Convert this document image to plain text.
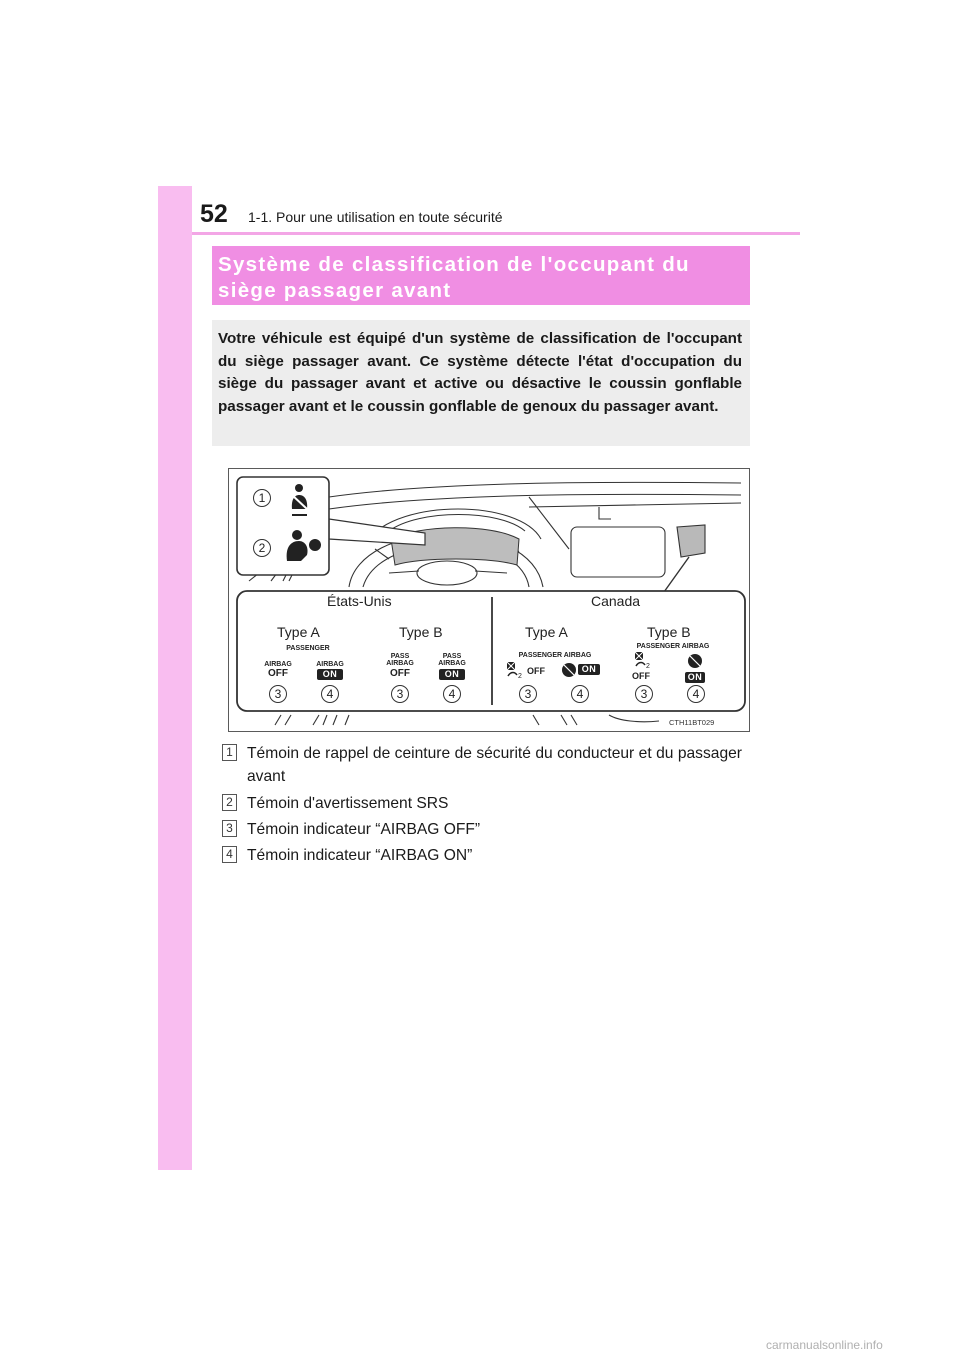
52 1-1. Pour une utilisation en toute sécurité
Système de classification de l'occupant du siège passager avant
Votre véhicule est équipé d'un système de classification de l'occupant du siège passager avant. Ce système détecte l'état d'occupation du siège du passager avant et active ou désactive le coussin gonflable passager avant et le coussin gonflable de genoux du passager avant.
1
2
États-Unis	Canada
Type A	Type B	Type A	Type B
PASSENGER
AIRBAG
OFF
AIRBAG
ON
PASS
AIRBAG
OFF
PASS
AIRBAG
ON
PASSENGER AIRBAG
2
OFF	ON
PASSENGER AIRBAG
2
OFF	ON
3	4	3	4	3	4	3	4
CTH11BT029
1 Témoin de rappel de ceinture de sécurité du conducteur et du passager avant
2 Témoin d'avertissement SRS
3 Témoin indicateur “AIRBAG OFF”
4 Témoin indicateur “AIRBAG ON”
carmanualsonline.info
